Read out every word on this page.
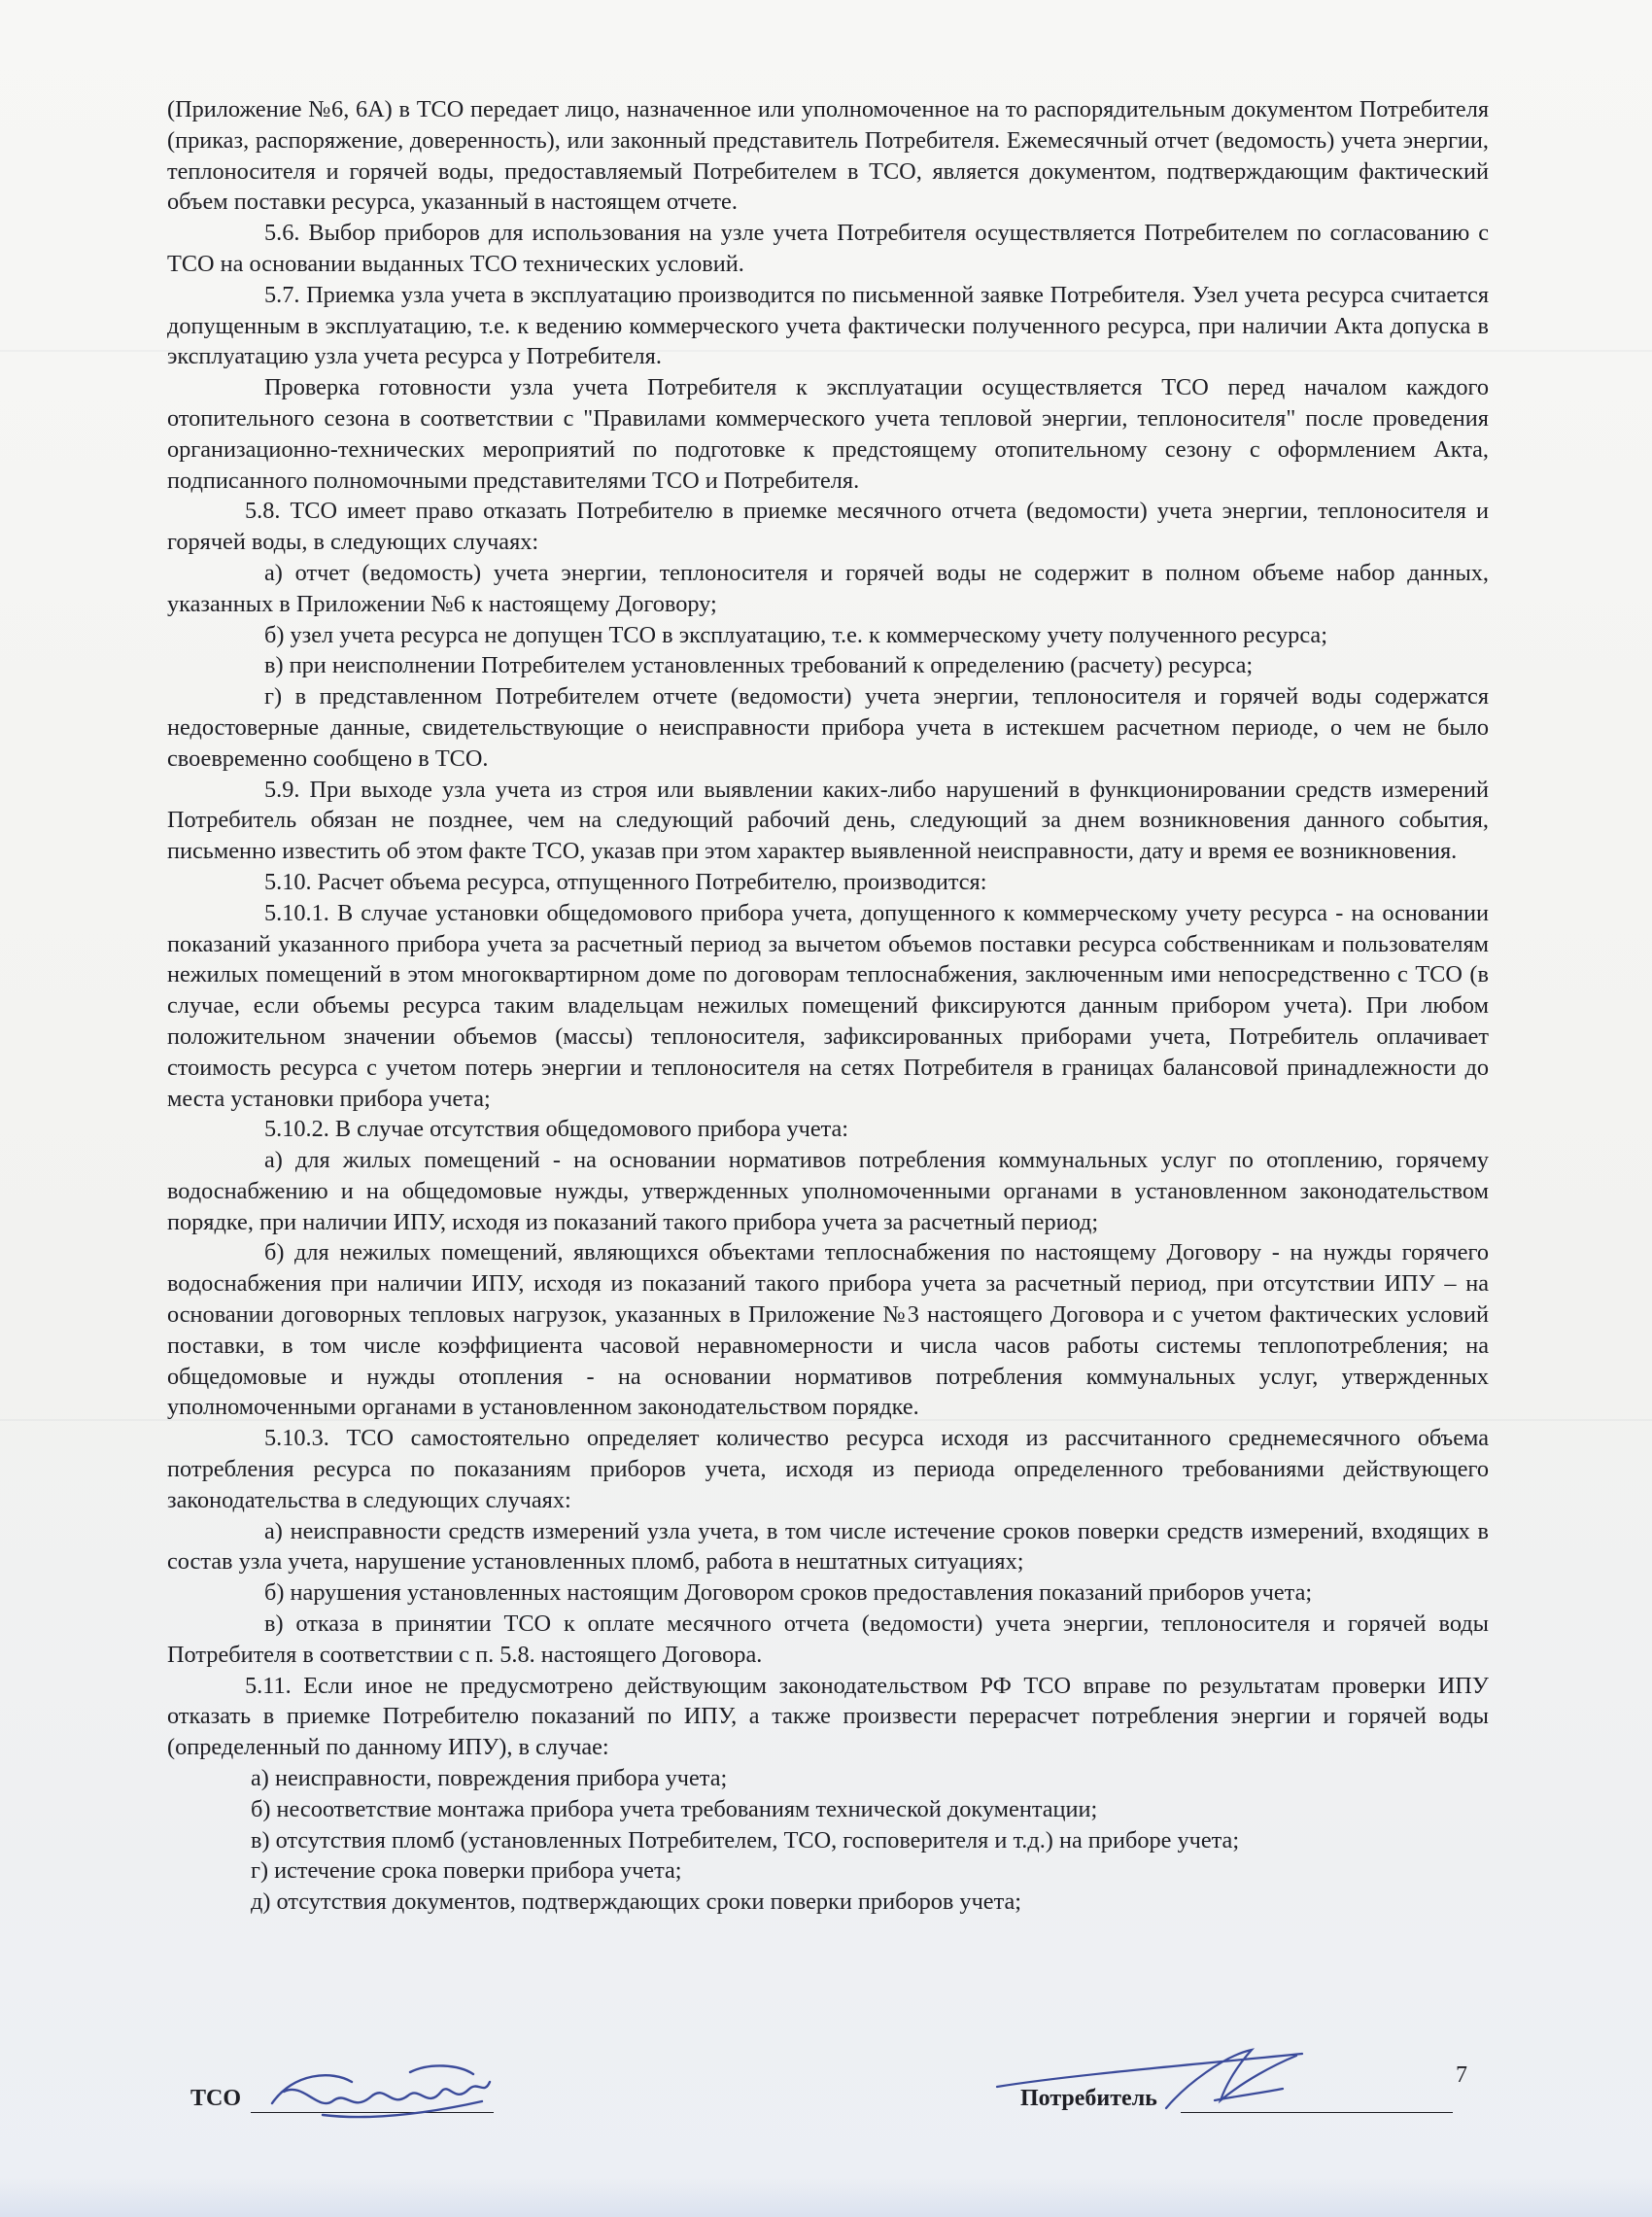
(Приложение №6, 6А) в ТСО передает лицо, назначенное или уполномоченное на то распорядительным документом Потребителя (приказ, распоряжение, доверенность), или законный представитель Потребителя. Ежемесячный отчет (ведомость) учета энергии, теплоносителя и горячей воды, предоставляемый Потребителем в ТСО, является документом, подтверждающим фактический объем поставки ресурса, указанный в настоящем отчете.

5.6. Выбор приборов для использования на узле учета Потребителя осуществляется Потребителем по согласованию с ТСО на основании выданных ТСО технических условий.

5.7. Приемка узла учета в эксплуатацию производится по письменной заявке Потребителя. Узел учета ресурса считается допущенным в эксплуатацию, т.е. к ведению коммерческого учета фактически полученного ресурса, при наличии Акта допуска в эксплуатацию узла учета ресурса у Потребителя.

Проверка готовности узла учета Потребителя к эксплуатации осуществляется ТСО перед началом каждого отопительного сезона в соответствии с "Правилами коммерческого учета тепловой энергии, теплоносителя" после проведения организационно-технических мероприятий по подготовке к предстоящему отопительному сезону с оформлением Акта, подписанного полномочными представителями ТСО и Потребителя.

5.8. ТСО имеет право отказать Потребителю в приемке месячного отчета (ведомости) учета энергии, теплоносителя и горячей воды, в следующих случаях:

а) отчет (ведомость) учета энергии, теплоносителя и горячей воды не содержит в полном объеме набор данных, указанных в Приложении №6 к настоящему Договору;

б) узел учета ресурса не допущен ТСО в эксплуатацию, т.е. к коммерческому учету полученного ресурса;

в) при неисполнении Потребителем установленных требований к определению (расчету) ресурса;

г) в представленном Потребителем отчете (ведомости) учета энергии, теплоносителя и горячей воды содержатся недостоверные данные, свидетельствующие о неисправности прибора учета в истекшем расчетном периоде, о чем не было своевременно сообщено в ТСО.

5.9. При выходе узла учета из строя или выявлении каких-либо нарушений в функционировании средств измерений Потребитель обязан не позднее, чем на следующий рабочий день, следующий за днем возникновения данного события, письменно известить об этом факте ТСО, указав при этом характер выявленной неисправности, дату и время ее возникновения.

5.10. Расчет объема ресурса, отпущенного Потребителю, производится:

5.10.1. В случае установки общедомового прибора учета, допущенного к коммерческому учету ресурса - на основании показаний указанного прибора учета за расчетный период за вычетом объемов поставки ресурса собственникам и пользователям нежилых помещений в этом многоквартирном доме по договорам теплоснабжения, заключенным ими непосредственно с ТСО (в случае, если объемы ресурса таким владельцам нежилых помещений фиксируются данным прибором учета). При любом положительном значении объемов (массы) теплоносителя, зафиксированных приборами учета, Потребитель оплачивает стоимость ресурса с учетом потерь энергии и теплоносителя на сетях Потребителя в границах балансовой принадлежности до места установки прибора учета;

5.10.2. В случае отсутствия общедомового прибора учета:

а) для жилых помещений - на основании нормативов потребления коммунальных услуг по отоплению, горячему водоснабжению и на общедомовые нужды, утвержденных уполномоченными органами в установленном законодательством порядке, при наличии ИПУ, исходя из показаний такого прибора учета за расчетный период;

б) для нежилых помещений, являющихся объектами теплоснабжения по настоящему Договору - на нужды горячего водоснабжения при наличии ИПУ, исходя из показаний такого прибора учета за расчетный период, при отсутствии ИПУ – на основании договорных тепловых нагрузок, указанных в Приложение №3 настоящего Договора и с учетом фактических условий поставки, в том числе коэффициента часовой неравномерности и числа часов работы системы теплопотребления; на общедомовые и нужды отопления - на основании нормативов потребления коммунальных услуг, утвержденных уполномоченными органами в установленном законодательством порядке.

5.10.3. ТСО самостоятельно определяет количество ресурса исходя из рассчитанного среднемесячного объема потребления ресурса по показаниям приборов учета, исходя из периода определенного требованиями действующего законодательства в следующих случаях:

а) неисправности средств измерений узла учета, в том числе истечение сроков поверки средств измерений, входящих в состав узла учета, нарушение установленных пломб, работа в нештатных ситуациях;

б) нарушения установленных настоящим Договором сроков предоставления показаний приборов учета;

в) отказа в принятии ТСО к оплате месячного отчета (ведомости) учета энергии, теплоносителя и горячей воды Потребителя в соответствии с п. 5.8. настоящего Договора.

5.11. Если иное не предусмотрено действующим законодательством РФ ТСО вправе по результатам проверки ИПУ отказать в приемке Потребителю показаний по ИПУ, а также произвести перерасчет потребления энергии и горячей воды (определенный по данному ИПУ), в случае:

а) неисправности, повреждения прибора учета;

б) несоответствие монтажа прибора учета требованиям технической документации;

в) отсутствия пломб (установленных Потребителем, ТСО, госповерителя и т.д.) на приборе учета;

г) истечение срока поверки прибора учета;

д) отсутствия документов, подтверждающих сроки поверки приборов учета;

7
ТСО	Потребитель
